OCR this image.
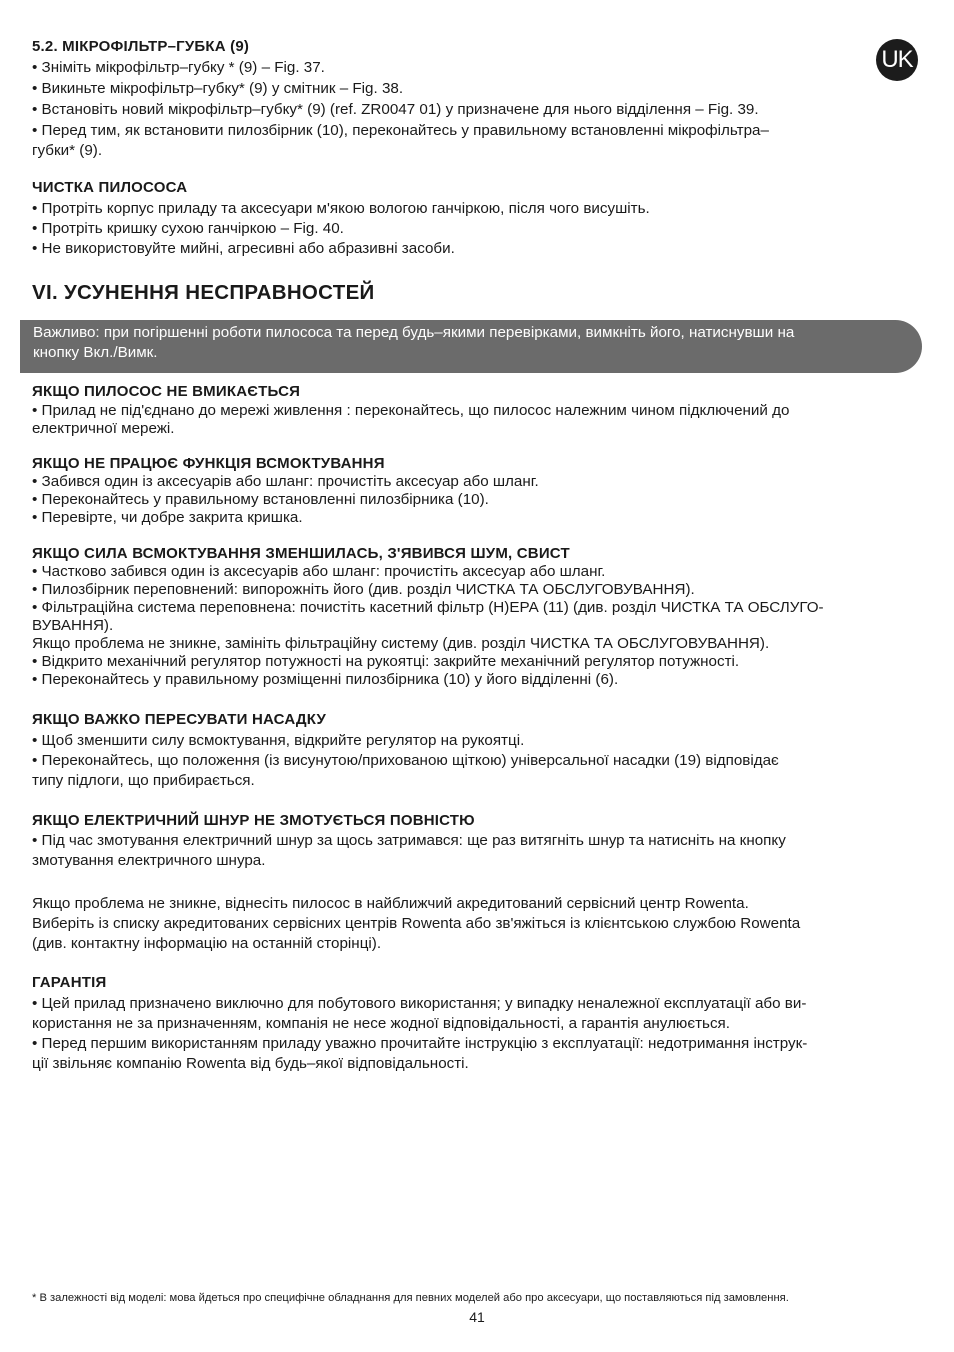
UK

5.2. МІКРОФІЛЬТР–ГУБКА (9)

• Зніміть мікрофільтр–губку * (9) – Fig. 37.

• Викиньте мікрофільтр–губку* (9) у смітник – Fig. 38.

• Встановіть новий мікрофільтр–губку* (9) (ref. ZR0047 01) у призначене для нього відділення – Fig. 39.

• Перед тим, як встановити пилозбірник (10), переконайтесь у правильному встановленні мікрофільтра–

губки* (9).

ЧИСТКА ПИЛОСОСА

• Протріть корпус приладу та аксесуари м'якою вологою ганчіркою, після чого висушіть.

• Протріть кришку сухою ганчіркою – Fig. 40.

• Не використовуйте мийні, агресивні або абразивні засоби.

VI. УСУНЕННЯ НЕСПРАВНОСТЕЙ

Важливо: при погіршенні роботи пилососа та перед будь–якими перевірками, вимкніть його, натиснувши на
кнопку Вкл./Вимк.

ЯКЩО ПИЛОСОС НЕ ВМИКАЄТЬСЯ

• Прилад не під'єднано до мережі живлення : переконайтесь, що пилосос належним чином підключений до

електричної мережі.

ЯКЩО НЕ ПРАЦЮЄ ФУНКЦІЯ ВСМОКТУВАННЯ

• Забився один із аксесуарів або шланг: прочистіть аксесуар або шланг.

• Переконайтесь у правильному встановленні пилозбірника (10).

• Перевірте, чи добре закрита кришка.

ЯКЩО СИЛА ВСМОКТУВАННЯ ЗМЕНШИЛАСЬ, З'ЯВИВСЯ ШУМ, СВИСТ

• Частково забився один із аксесуарів або шланг: прочистіть аксесуар або шланг.

• Пилозбірник переповнений: випорожніть його (див. розділ ЧИСТКА ТА ОБСЛУГОВУВАННЯ).

• Фільтраційна система переповнена: почистіть касетний фільтр (Н)ЕРА (11) (див. розділ ЧИСТКА ТА ОБСЛУГО-

ВУВАННЯ).

Якщо проблема не зникне, замініть фільтраційну систему (див. розділ ЧИСТКА ТА ОБСЛУГОВУВАННЯ).

• Відкрито механічний регулятор потужності на рукоятці: закрийте механічний регулятор потужності.

• Переконайтесь у правильному розміщенні пилозбірника (10) у його відділенні (6).

ЯКЩО ВАЖКО ПЕРЕСУВАТИ НАСАДКУ

• Щоб зменшити силу всмоктування, відкрийте регулятор на рукоятці.

• Переконайтесь, що положення (із висунутою/прихованою щіткою) універсальної насадки (19) відповідає

типу підлоги, що прибирається.

ЯКЩО ЕЛЕКТРИЧНИЙ ШНУР НЕ ЗМОТУЄТЬСЯ ПОВНІСТЮ

• Під час змотування електричний шнур за щось затримався: ще раз витягніть шнур та натисніть на кнопку

змотування електричного шнура.

Якщо проблема не зникне, віднесіть пилосос в найближчий акредитований сервісний центр Rowenta.

Виберіть із списку акредитованих сервісних центрів Rowenta або зв'яжіться із клієнтською службою Rowenta

(див. контактну інформацію на останній сторінці).

ГАРАНТІЯ

• Цей прилад призначено виключно для побутового використання; у випадку неналежної експлуатації або ви-

користання не за призначенням, компанія не несе жодної відповідальності, а гарантія анулюється.

• Перед першим використанням приладу уважно прочитайте інструкцію з експлуатації: недотримання інструк-

ції звільняє компанію Rowenta від будь–якої відповідальності.

* В залежності від моделі: мова йдеться про специфічне обладнання для певних моделей або про аксесуари, що поставляються під замовлення.
41
